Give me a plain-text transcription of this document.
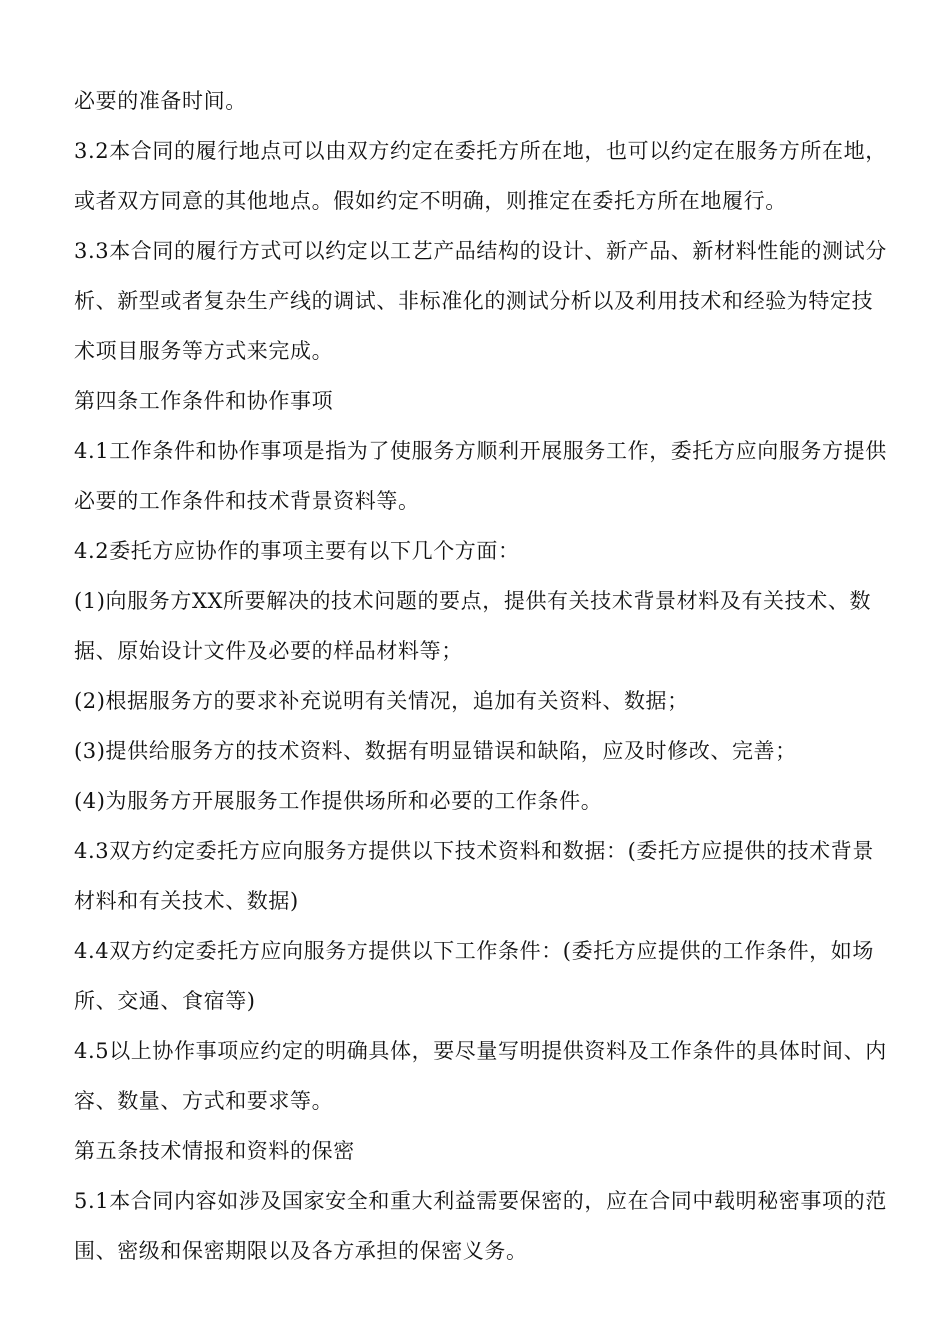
必要的准备时间。

3.2本合同的履行地点可以由双方约定在委托方所在地，也可以约定在服务方所在地，或者双方同意的其他地点。假如约定不明确，则推定在委托方所在地履行。

3.3本合同的履行方式可以约定以工艺产品结构的设计、新产品、新材料性能的测试分析、新型或者复杂生产线的调试、非标准化的测试分析以及利用技术和经验为特定技术项目服务等方式来完成。

第四条工作条件和协作事项

4.1工作条件和协作事项是指为了使服务方顺利开展服务工作，委托方应向服务方提供必要的工作条件和技术背景资料等。

4.2委托方应协作的事项主要有以下几个方面：

(1)向服务方XX所要解决的技术问题的要点，提供有关技术背景材料及有关技术、数据、原始设计文件及必要的样品材料等；

(2)根据服务方的要求补充说明有关情况，追加有关资料、数据；

(3)提供给服务方的技术资料、数据有明显错误和缺陷，应及时修改、完善；

(4)为服务方开展服务工作提供场所和必要的工作条件。

4.3双方约定委托方应向服务方提供以下技术资料和数据：(委托方应提供的技术背景材料和有关技术、数据)

4.4双方约定委托方应向服务方提供以下工作条件：(委托方应提供的工作条件，如场所、交通、食宿等)

4.5以上协作事项应约定的明确具体，要尽量写明提供资料及工作条件的具体时间、内容、数量、方式和要求等。

第五条技术情报和资料的保密

5.1本合同内容如涉及国家安全和重大利益需要保密的，应在合同中载明秘密事项的范围、密级和保密期限以及各方承担的保密义务。
